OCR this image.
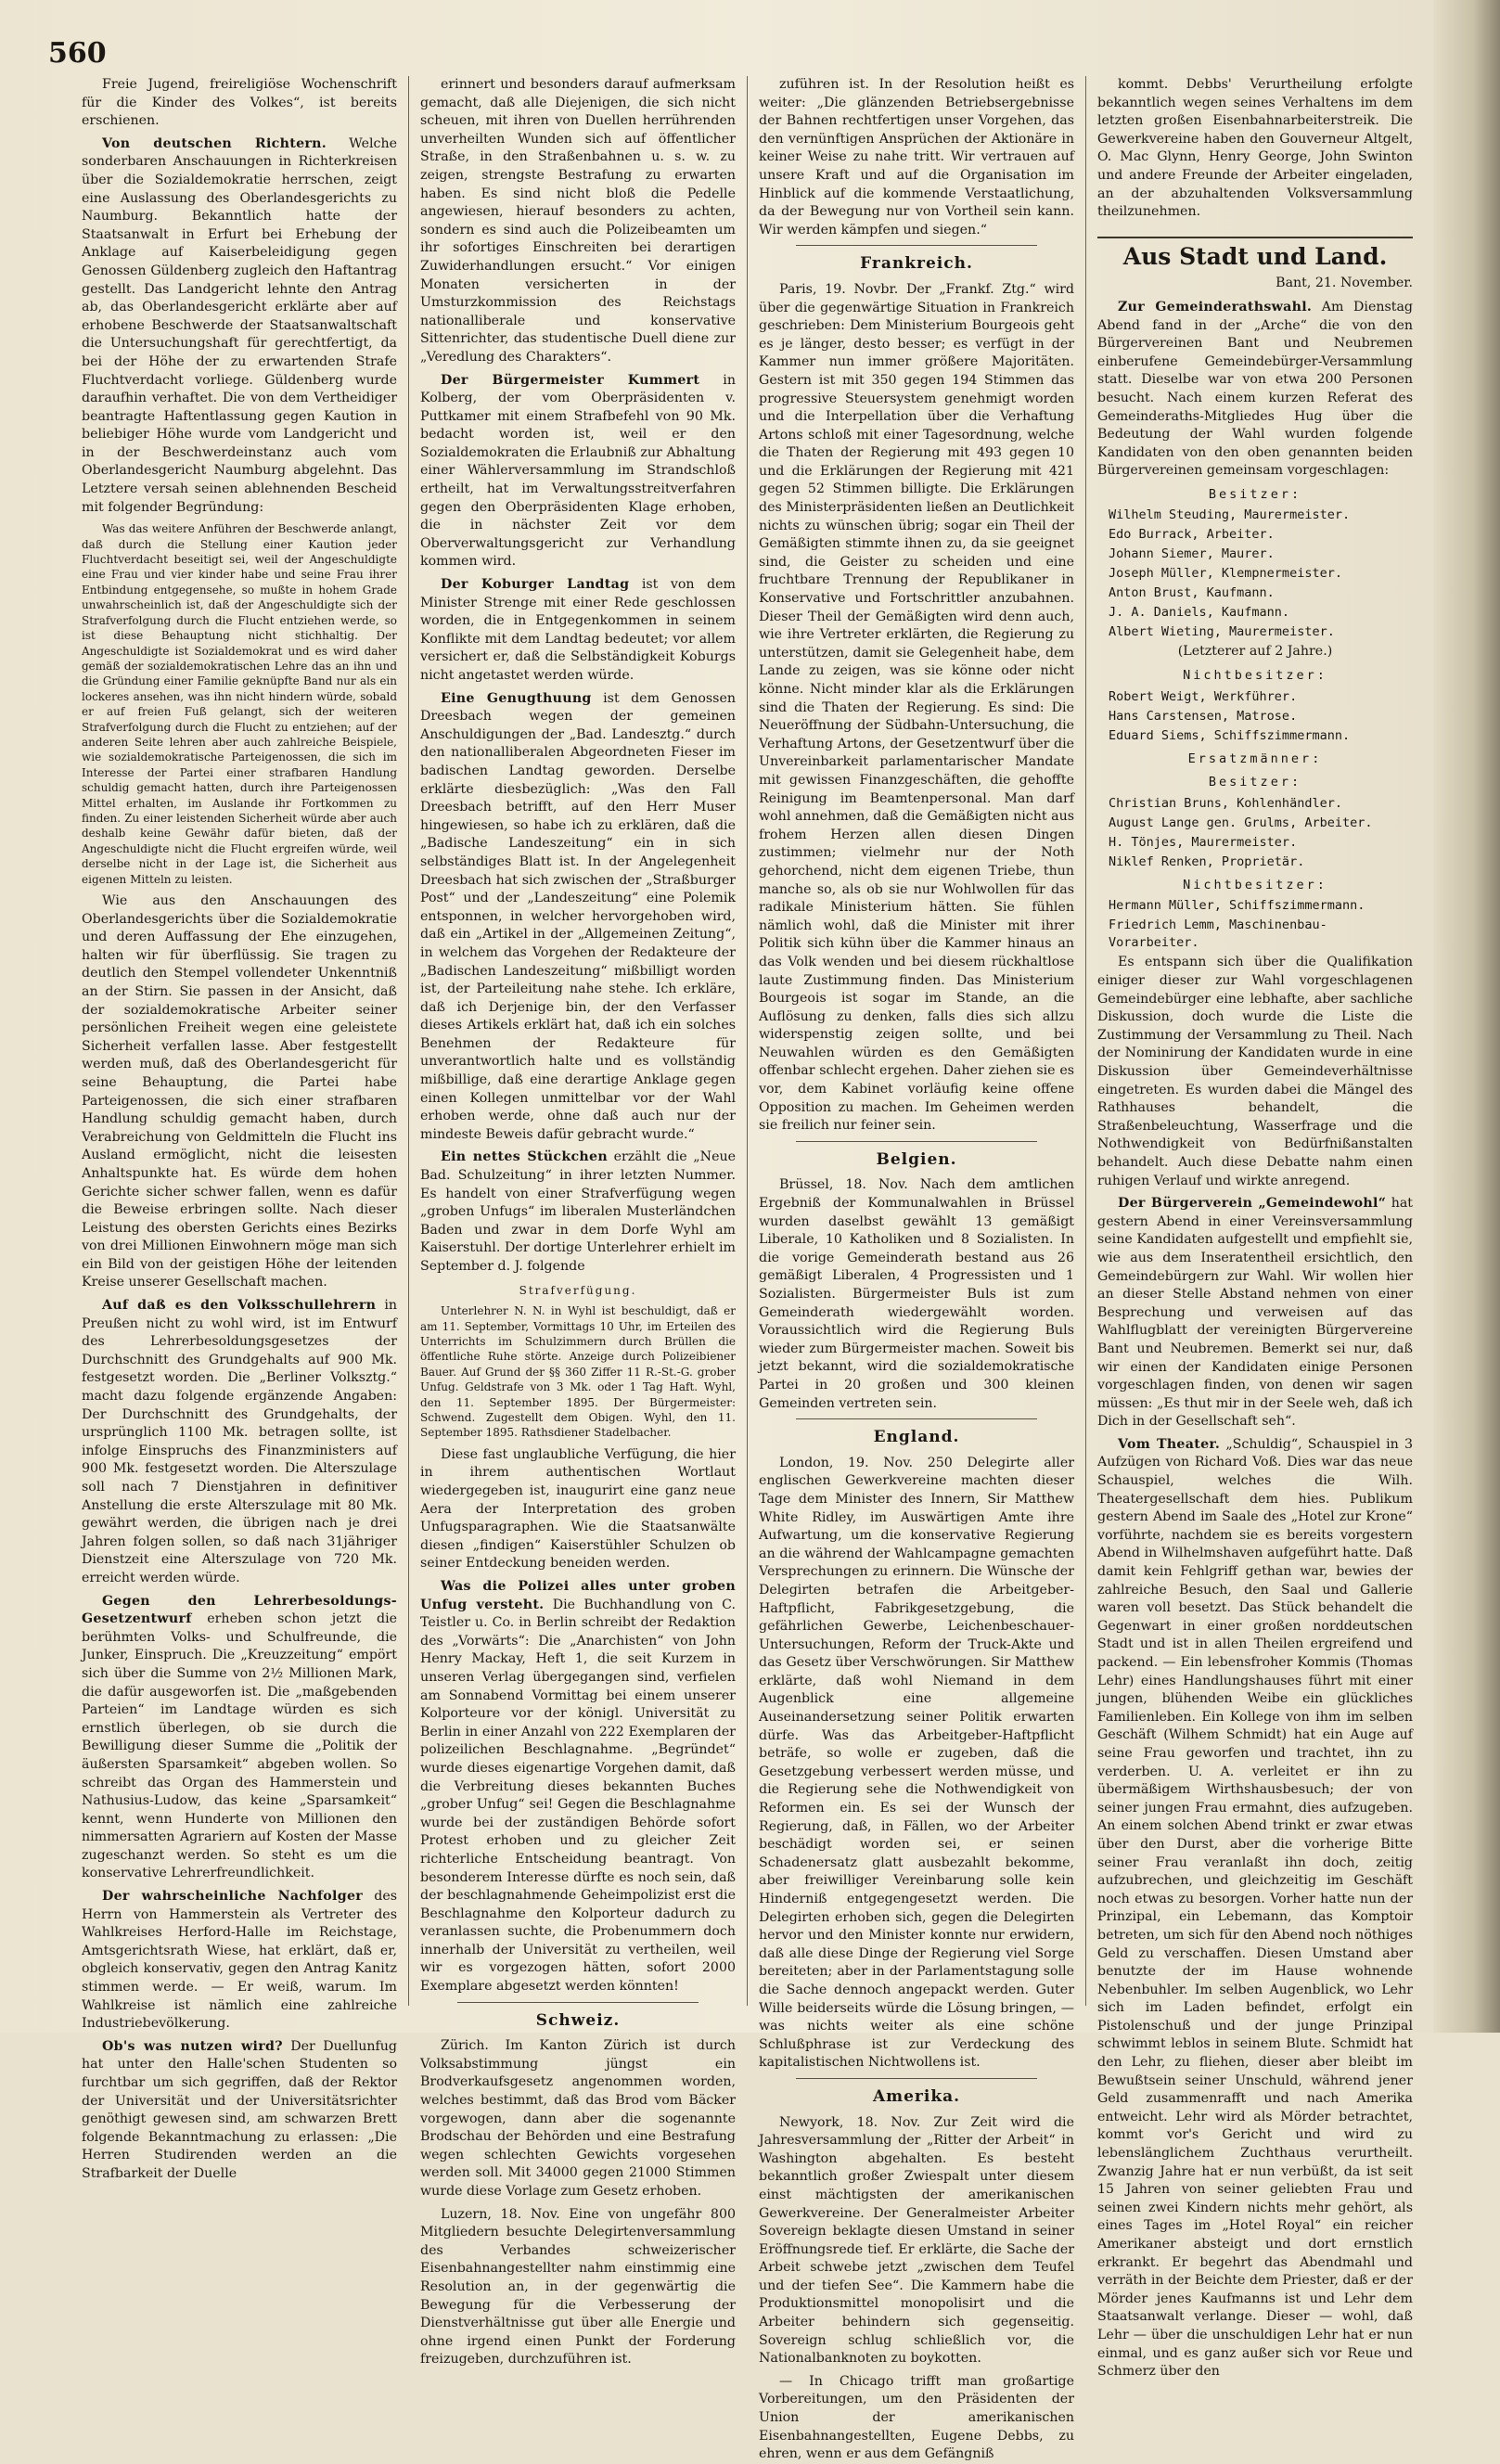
560

Freie Jugend, freireligiöse Wochenschrift für die Kinder des Volkes“, ist bereits erschienen.

Von deutschen Richtern. Welche sonderbaren Anschauungen in Richterkreisen über die Sozialdemokratie herrschen, zeigt eine Auslassung des Oberlandesgerichts zu Naumburg. Bekanntlich hatte der Staatsanwalt in Erfurt bei Erhebung der Anklage auf Kaiserbeleidigung gegen Genossen Güldenberg zugleich den Haftantrag gestellt. Das Landgericht lehnte den Antrag ab, das Oberlandesgericht erklärte aber auf erhobene Beschwerde der Staatsanwaltschaft die Untersuchungshaft für gerechtfertigt, da bei der Höhe der zu erwartenden Strafe Fluchtverdacht vorliege. Güldenberg wurde daraufhin verhaftet. Die von dem Vertheidiger beantragte Haftentlassung gegen Kaution in beliebiger Höhe wurde vom Landgericht und in der Beschwerdeinstanz auch vom Oberlandesgericht Naumburg abgelehnt. Das Letztere versah seinen ablehnenden Bescheid mit folgender Begründung:

Was das weitere Anführen der Beschwerde anlangt, daß durch die Stellung einer Kaution jeder Fluchtverdacht beseitigt sei, weil der Angeschuldigte eine Frau und vier kinder habe und seine Frau ihrer Entbindung entgegensehe, so mußte in hohem Grade unwahrscheinlich ist, daß der Angeschuldigte sich der Strafverfolgung durch die Flucht entziehen werde, so ist diese Behauptung nicht stichhaltig. Der Angeschuldigte ist Sozialdemokrat und es wird daher gemäß der sozialdemokratischen Lehre das an ihn und die Gründung einer Familie geknüpfte Band nur als ein lockeres ansehen, was ihn nicht hindern würde, sobald er auf freien Fuß gelangt, sich der weiteren Strafverfolgung durch die Flucht zu entziehen; auf der anderen Seite lehren aber auch zahlreiche Beispiele, wie sozialdemokratische Parteigenossen, die sich im Interesse der Partei einer strafbaren Handlung schuldig gemacht hatten, durch ihre Parteigenossen Mittel erhalten, im Auslande ihr Fortkommen zu finden. Zu einer leistenden Sicherheit würde aber auch deshalb keine Gewähr dafür bieten, daß der Angeschuldigte nicht die Flucht ergreifen würde, weil derselbe nicht in der Lage ist, die Sicherheit aus eigenen Mitteln zu leisten.

Wie aus den Anschauungen des Oberlandesgerichts über die Sozialdemokratie und deren Auffassung der Ehe einzugehen, halten wir für überflüssig. Sie tragen zu deutlich den Stempel vollendeter Unkenntniß an der Stirn. Sie passen in der Ansicht, daß der sozialdemokratische Arbeiter seiner persönlichen Freiheit wegen eine geleistete Sicherheit verfallen lasse. Aber festgestellt werden muß, daß des Oberlandesgericht für seine Behauptung, die Partei habe Parteigenossen, die sich einer strafbaren Handlung schuldig gemacht haben, durch Verabreichung von Geldmitteln die Flucht ins Ausland ermöglicht, nicht die leisesten Anhaltspunkte hat. Es würde dem hohen Gerichte sicher schwer fallen, wenn es dafür die Beweise erbringen sollte. Nach dieser Leistung des obersten Gerichts eines Bezirks von drei Millionen Einwohnern möge man sich ein Bild von der geistigen Höhe der leitenden Kreise unserer Gesellschaft machen.

Auf daß es den Volksschullehrern in Preußen nicht zu wohl wird, ist im Entwurf des Lehrerbesoldungsgesetzes der Durchschnitt des Grundgehalts auf 900 Mk. festgesetzt worden. Die „Berliner Volksztg.“ macht dazu folgende ergänzende Angaben: Der Durchschnitt des Grundgehalts, der ursprünglich 1100 Mk. betragen sollte, ist infolge Einspruchs des Finanzministers auf 900 Mk. festgesetzt worden. Die Alterszulage soll nach 7 Dienstjahren in definitiver Anstellung die erste Alterszulage mit 80 Mk. gewährt werden, die übrigen nach je drei Jahren folgen sollen, so daß nach 31jähriger Dienstzeit eine Alterszulage von 720 Mk. erreicht werden würde.

Gegen den Lehrerbesoldungs-Gesetzentwurf erheben schon jetzt die berühmten Volks- und Schulfreunde, die Junker, Einspruch. Die „Kreuzzeitung“ empört sich über die Summe von 2½ Millionen Mark, die dafür ausgeworfen ist. Die „maßgebenden Parteien“ im Landtage würden es sich ernstlich überlegen, ob sie durch die Bewilligung dieser Summe die „Politik der äußersten Sparsamkeit“ abgeben wollen. So schreibt das Organ des Hammerstein und Nathusius-Ludow, das keine „Sparsamkeit“ kennt, wenn Hunderte von Millionen den nimmersatten Agrariern auf Kosten der Masse zugeschanzt werden. So steht es um die konservative Lehrerfreundlichkeit.

Der wahrscheinliche Nachfolger des Herrn von Hammerstein als Vertreter des Wahlkreises Herford-Halle im Reichstage, Amtsgerichtsrath Wiese, hat erklärt, daß er, obgleich konservativ, gegen den Antrag Kanitz stimmen werde. — Er weiß, warum. Im Wahlkreise ist nämlich eine zahlreiche Industriebevölkerung.

Ob's was nutzen wird? Der Duellunfug hat unter den Halle'schen Studenten so furchtbar um sich gegriffen, daß der Rektor der Universität und der Universitätsrichter genöthigt gewesen sind, am schwarzen Brett folgende Bekanntmachung zu erlassen: „Die Herren Studirenden werden an die Strafbarkeit der Duelle

erinnert und besonders darauf aufmerksam gemacht, daß alle Diejenigen, die sich nicht scheuen, mit ihren von Duellen herrührenden unverheilten Wunden sich auf öffentlicher Straße, in den Straßenbahnen u. s. w. zu zeigen, strengste Bestrafung zu erwarten haben. Es sind nicht bloß die Pedelle angewiesen, hierauf besonders zu achten, sondern es sind auch die Polizeibeamten um ihr sofortiges Einschreiten bei derartigen Zuwiderhandlungen ersucht.“ Vor einigen Monaten versicherten in der Umsturzkommission des Reichstags nationalliberale und konservative Sittenrichter, das studentische Duell diene zur „Veredlung des Charakters“.

Der Bürgermeister Kummert in Kolberg, der vom Oberpräsidenten v. Puttkamer mit einem Strafbefehl von 90 Mk. bedacht worden ist, weil er den Sozialdemokraten die Erlaubniß zur Abhaltung einer Wählerversammlung im Strandschloß ertheilt, hat im Verwaltungsstreitverfahren gegen den Oberpräsidenten Klage erhoben, die in nächster Zeit vor dem Oberverwaltungsgericht zur Verhandlung kommen wird.

Der Koburger Landtag ist von dem Minister Strenge mit einer Rede geschlossen worden, die in Entgegenkommen in seinem Konflikte mit dem Landtag bedeutet; vor allem versichert er, daß die Selbständigkeit Koburgs nicht angetastet werden würde.

Eine Genugthuung ist dem Genossen Dreesbach wegen der gemeinen Anschuldigungen der „Bad. Landesztg.“ durch den nationalliberalen Abgeordneten Fieser im badischen Landtag geworden. Derselbe erklärte diesbezüglich: „Was den Fall Dreesbach betrifft, auf den Herr Muser hingewiesen, so habe ich zu erklären, daß die „Badische Landeszeitung“ ein in sich selbständiges Blatt ist. In der Angelegenheit Dreesbach hat sich zwischen der „Straßburger Post“ und der „Landeszeitung“ eine Polemik entsponnen, in welcher hervorgehoben wird, daß ein „Artikel in der „Allgemeinen Zeitung“, in welchem das Vorgehen der Redakteure der „Badischen Landeszeitung“ mißbilligt worden ist, der Parteileitung nahe stehe. Ich erkläre, daß ich Derjenige bin, der den Verfasser dieses Artikels erklärt hat, daß ich ein solches Benehmen der Redakteure für unverantwortlich halte und es vollständig mißbillige, daß eine derartige Anklage gegen einen Kollegen unmittelbar vor der Wahl erhoben werde, ohne daß auch nur der mindeste Beweis dafür gebracht wurde.“

Ein nettes Stückchen erzählt die „Neue Bad. Schulzeitung“ in ihrer letzten Nummer. Es handelt von einer Strafverfügung wegen „groben Unfugs“ im liberalen Musterländchen Baden und zwar in dem Dorfe Wyhl am Kaiserstuhl. Der dortige Unterlehrer erhielt im September d. J. folgende

Strafverfügung.

Unterlehrer N. N. in Wyhl ist beschuldigt, daß er am 11. September, Vormittags 10 Uhr, im Erteilen des Unterrichts im Schulzimmern durch Brüllen die öffentliche Ruhe störte. Anzeige durch Polizeibiener Bauer. Auf Grund der §§ 360 Ziffer 11 R.-St.-G. grober Unfug. Geldstrafe von 3 Mk. oder 1 Tag Haft. Wyhl, den 11. September 1895. Der Bürgermeister: Schwend. Zugestellt dem Obigen. Wyhl, den 11. September 1895. Rathsdiener Stadelbacher.

Diese fast unglaubliche Verfügung, die hier in ihrem authentischen Wortlaut wiedergegeben ist, inaugurirt eine ganz neue Aera der Interpretation des groben Unfugsparagraphen. Wie die Staatsanwälte diesen „findigen“ Kaiserstühler Schulzen ob seiner Entdeckung beneiden werden.

Was die Polizei alles unter groben Unfug versteht. Die Buchhandlung von C. Teistler u. Co. in Berlin schreibt der Redaktion des „Vorwärts“: Die „Anarchisten“ von John Henry Mackay, Heft 1, die seit Kurzem in unseren Verlag übergegangen sind, verfielen am Sonnabend Vormittag bei einem unserer Kolporteure vor der königl. Universität zu Berlin in einer Anzahl von 222 Exemplaren der polizeilichen Beschlagnahme. „Begründet“ wurde dieses eigenartige Vorgehen damit, daß die Verbreitung dieses bekannten Buches „grober Unfug“ sei! Gegen die Beschlagnahme wurde bei der zuständigen Behörde sofort Protest erhoben und zu gleicher Zeit richterliche Entscheidung beantragt. Von besonderem Interesse dürfte es noch sein, daß der beschlagnahmende Geheimpolizist erst die Beschlagnahme den Kolporteur dadurch zu veranlassen suchte, die Probenummern doch innerhalb der Universität zu vertheilen, weil wir es vorgezogen hätten, sofort 2000 Exemplare abgesetzt werden könnten!

Schweiz.

Zürich. Im Kanton Zürich ist durch Volksabstimmung jüngst ein Brodverkaufsgesetz angenommen worden, welches bestimmt, daß das Brod vom Bäcker vorgewogen, dann aber die sogenannte Brodschau der Behörden und eine Bestrafung wegen schlechten Gewichts vorgesehen werden soll. Mit 34000 gegen 21000 Stimmen wurde diese Vorlage zum Gesetz erhoben.

Luzern, 18. Nov. Eine von ungefähr 800 Mitgliedern besuchte Delegirtenversammlung des Verbandes schweizerischer Eisenbahnangestellter nahm einstimmig eine Resolution an, in der gegenwärtig die Bewegung für die Verbesserung der Dienstverhältnisse gut über alle Energie und ohne irgend einen Punkt der Forderung freizugeben, durchzuführen ist.

zuführen ist. In der Resolution heißt es weiter: „Die glänzenden Betriebsergebnisse der Bahnen rechtfertigen unser Vorgehen, das den vernünftigen Ansprüchen der Aktionäre in keiner Weise zu nahe tritt. Wir vertrauen auf unsere Kraft und auf die Organisation im Hinblick auf die kommende Verstaatlichung, da der Bewegung nur von Vortheil sein kann. Wir werden kämpfen und siegen.“

Frankreich.

Paris, 19. Novbr. Der „Frankf. Ztg.“ wird über die gegenwärtige Situation in Frankreich geschrieben: Dem Ministerium Bourgeois geht es je länger, desto besser; es verfügt in der Kammer nun immer größere Majoritäten. Gestern ist mit 350 gegen 194 Stimmen das progressive Steuersystem genehmigt worden und die Interpellation über die Verhaftung Artons schloß mit einer Tagesordnung, welche die Thaten der Regierung mit 493 gegen 10 und die Erklärungen der Regierung mit 421 gegen 52 Stimmen billigte. Die Erklärungen des Ministerpräsidenten ließen an Deutlichkeit nichts zu wünschen übrig; sogar ein Theil der Gemäßigten stimmte ihnen zu, da sie geeignet sind, die Geister zu scheiden und eine fruchtbare Trennung der Republikaner in Konservative und Fortschrittler anzubahnen. Dieser Theil der Gemäßigten wird denn auch, wie ihre Vertreter erklärten, die Regierung zu unterstützen, damit sie Gelegenheit habe, dem Lande zu zeigen, was sie könne oder nicht könne. Nicht minder klar als die Erklärungen sind die Thaten der Regierung. Es sind: Die Neueröffnung der Südbahn-Untersuchung, die Verhaftung Artons, der Gesetzentwurf über die Unvereinbarkeit parlamentarischer Mandate mit gewissen Finanzgeschäften, die gehoffte Reinigung im Beamtenpersonal. Man darf wohl annehmen, daß die Gemäßigten nicht aus frohem Herzen allen diesen Dingen zustimmen; vielmehr nur der Noth gehorchend, nicht dem eigenen Triebe, thun manche so, als ob sie nur Wohlwollen für das radikale Ministerium hätten. Sie fühlen nämlich wohl, daß die Minister mit ihrer Politik sich kühn über die Kammer hinaus an das Volk wenden und bei diesem rückhaltlose laute Zustimmung finden. Das Ministerium Bourgeois ist sogar im Stande, an die Auflösung zu denken, falls dies sich allzu widerspenstig zeigen sollte, und bei Neuwahlen würden es den Gemäßigten offenbar schlecht ergehen. Daher ziehen sie es vor, dem Kabinet vorläufig keine offene Opposition zu machen. Im Geheimen werden sie freilich nur feiner sein.

Belgien.

Brüssel, 18. Nov. Nach dem amtlichen Ergebniß der Kommunalwahlen in Brüssel wurden daselbst gewählt 13 gemäßigt Liberale, 10 Katholiken und 8 Sozialisten. In die vorige Gemeinderath bestand aus 26 gemäßigt Liberalen, 4 Progressisten und 1 Sozialisten. Bürgermeister Buls ist zum Gemeinderath wiedergewählt worden. Voraussichtlich wird die Regierung Buls wieder zum Bürgermeister machen. Soweit bis jetzt bekannt, wird die sozialdemokratische Partei in 20 großen und 300 kleinen Gemeinden vertreten sein.

England.

London, 19. Nov. 250 Delegirte aller englischen Gewerkvereine machten dieser Tage dem Minister des Innern, Sir Matthew White Ridley, im Auswärtigen Amte ihre Aufwartung, um die konservative Regierung an die während der Wahlcampagne gemachten Versprechungen zu erinnern. Die Wünsche der Delegirten betrafen die Arbeitgeber-Haftpflicht, Fabrikgesetzgebung, die gefährlichen Gewerbe, Leichenbeschauer-Untersuchungen, Reform der Truck-Akte und das Gesetz über Verschwörungen. Sir Matthew erklärte, daß wohl Niemand in dem Augenblick eine allgemeine Auseinandersetzung seiner Politik erwarten dürfe. Was das Arbeitgeber-Haftpflicht beträfe, so wolle er zugeben, daß die Gesetzgebung verbessert werden müsse, und die Regierung sehe die Nothwendigkeit von Reformen ein. Es sei der Wunsch der Regierung, daß, in Fällen, wo der Arbeiter beschädigt worden sei, er seinen Schadenersatz glatt ausbezahlt bekomme, aber freiwilliger Vereinbarung solle kein Hinderniß entgegengesetzt werden. Die Delegirten erhoben sich, gegen die Delegirten hervor und den Minister konnte nur erwidern, daß alle diese Dinge der Regierung viel Sorge bereiteten; aber in der Parlamentstagung solle die Sache dennoch angepackt werden. Guter Wille beiderseits würde die Lösung bringen, — was nichts weiter als eine schöne Schlußphrase ist zur Verdeckung des kapitalistischen Nichtwollens ist.

Amerika.

Newyork, 18. Nov. Zur Zeit wird die Jahresversammlung der „Ritter der Arbeit“ in Washington abgehalten. Es besteht bekanntlich großer Zwiespalt unter diesem einst mächtigsten der amerikanischen Gewerkvereine. Der Generalmeister Arbeiter Sovereign beklagte diesen Umstand in seiner Eröffnungsrede tief. Er erklärte, die Sache der Arbeit schwebe jetzt „zwischen dem Teufel und der tiefen See“. Die Kammern habe die Produktionsmittel monopolisirt und die Arbeiter behindern sich gegenseitig. Sovereign schlug schließlich vor, die Nationalbanknoten zu boykotten.

— In Chicago trifft man großartige Vorbereitungen, um den Präsidenten der Union der amerikanischen Eisenbahnangestellten, Eugene Debbs, zu ehren, wenn er aus dem Gefängniß

kommt. Debbs' Verurtheilung erfolgte bekanntlich wegen seines Verhaltens im dem letzten großen Eisenbahnarbeiterstreik. Die Gewerkvereine haben den Gouverneur Altgelt, O. Mac Glynn, Henry George, John Swinton und andere Freunde der Arbeiter eingeladen, an der abzuhaltenden Volksversammlung theilzunehmen.

Aus Stadt und Land.

Bant, 21. November.

Zur Gemeinderathswahl. Am Dienstag Abend fand in der „Arche“ die von den Bürgervereinen Bant und Neubremen einberufene Gemeindebürger-Versammlung statt. Dieselbe war von etwa 200 Personen besucht. Nach einem kurzen Referat des Gemeinderaths-Mitgliedes Hug über die Bedeutung der Wahl wurden folgende Kandidaten von den oben genannten beiden Bürgervereinen gemeinsam vorgeschlagen:

Besitzer:

Wilhelm Steuding, Maurermeister.

Edo Burrack, Arbeiter.

Johann Siemer, Maurer.

Joseph Müller, Klempnermeister.

Anton Brust, Kaufmann.

J. A. Daniels, Kaufmann.

Albert Wieting, Maurermeister.

(Letzterer auf 2 Jahre.)

Nichtbesitzer:

Robert Weigt, Werkführer.

Hans Carstensen, Matrose.

Eduard Siems, Schiffszimmermann.

Ersatzmänner:

Besitzer:

Christian Bruns, Kohlenhändler.

August Lange gen. Grulms, Arbeiter.

H. Tönjes, Maurermeister.

Niklef Renken, Proprietär.

Nichtbesitzer:

Hermann Müller, Schiffszimmermann.

Friedrich Lemm, Maschinenbau-Vorarbeiter.

Es entspann sich über die Qualifikation einiger dieser zur Wahl vorgeschlagenen Gemeindebürger eine lebhafte, aber sachliche Diskussion, doch wurde die Liste die Zustimmung der Versammlung zu Theil. Nach der Nominirung der Kandidaten wurde in eine Diskussion über Gemeindeverhältnisse eingetreten. Es wurden dabei die Mängel des Rathhauses behandelt, die Straßenbeleuchtung, Wasserfrage und die Nothwendigkeit von Bedürfnißanstalten behandelt. Auch diese Debatte nahm einen ruhigen Verlauf und wirkte anregend.

Der Bürgerverein „Gemeindewohl“ hat gestern Abend in einer Vereinsversammlung seine Kandidaten aufgestellt und empfiehlt sie, wie aus dem Inseratentheil ersichtlich, den Gemeindebürgern zur Wahl. Wir wollen hier an dieser Stelle Abstand nehmen von einer Besprechung und verweisen auf das Wahlflugblatt der vereinigten Bürgervereine Bant und Neubremen. Bemerkt sei nur, daß wir einen der Kandidaten einige Personen vorgeschlagen finden, von denen wir sagen müssen: „Es thut mir in der Seele weh, daß ich Dich in der Gesellschaft seh“.

Vom Theater. „Schuldig“, Schauspiel in 3 Aufzügen von Richard Voß. Dies war das neue Schauspiel, welches die Wilh. Theatergesellschaft dem hies. Publikum gestern Abend im Saale des „Hotel zur Krone“ vorführte, nachdem sie es bereits vorgestern Abend in Wilhelmshaven aufgeführt hatte. Daß damit kein Fehlgriff gethan war, bewies der zahlreiche Besuch, den Saal und Gallerie waren voll besetzt. Das Stück behandelt die Gegenwart in einer großen norddeutschen Stadt und ist in allen Theilen ergreifend und packend. — Ein lebensfroher Kommis (Thomas Lehr) eines Handlungshauses führt mit einer jungen, blühenden Weibe ein glückliches Familienleben. Ein Kollege von ihm im selben Geschäft (Wilhem Schmidt) hat ein Auge auf seine Frau geworfen und trachtet, ihn zu verderben. U. A. verleitet er ihn zu übermäßigem Wirthshausbesuch; der von seiner jungen Frau ermahnt, dies aufzugeben. An einem solchen Abend trinkt er zwar etwas über den Durst, aber die vorherige Bitte seiner Frau veranlaßt ihn doch, zeitig aufzubrechen, und gleichzeitig im Geschäft noch etwas zu besorgen. Vorher hatte nun der Prinzipal, ein Lebemann, das Komptoir betreten, um sich für den Abend noch nöthiges Geld zu verschaffen. Diesen Umstand aber benutzte der im Hause wohnende Nebenbuhler. Im selben Augenblick, wo Lehr sich im Laden befindet, erfolgt ein Pistolenschuß und der junge Prinzipal schwimmt leblos in seinem Blute. Schmidt hat den Lehr, zu fliehen, dieser aber bleibt im Bewußtsein seiner Unschuld, während jener Geld zusammenrafft und nach Amerika entweicht. Lehr wird als Mörder betrachtet, kommt vor's Gericht und wird zu lebenslänglichem Zuchthaus verurtheilt. Zwanzig Jahre hat er nun verbüßt, da ist seit 15 Jahren von seiner geliebten Frau und seinen zwei Kindern nichts mehr gehört, als eines Tages im „Hotel Royal“ ein reicher Amerikaner absteigt und dort ernstlich erkrankt. Er begehrt das Abendmahl und verräth in der Beichte dem Priester, daß er der Mörder jenes Kaufmanns ist und Lehr dem Staatsanwalt verlange. Dieser — wohl, daß Lehr — über die unschuldigen Lehr hat er nun einmal, und es ganz außer sich vor Reue und Schmerz über den
